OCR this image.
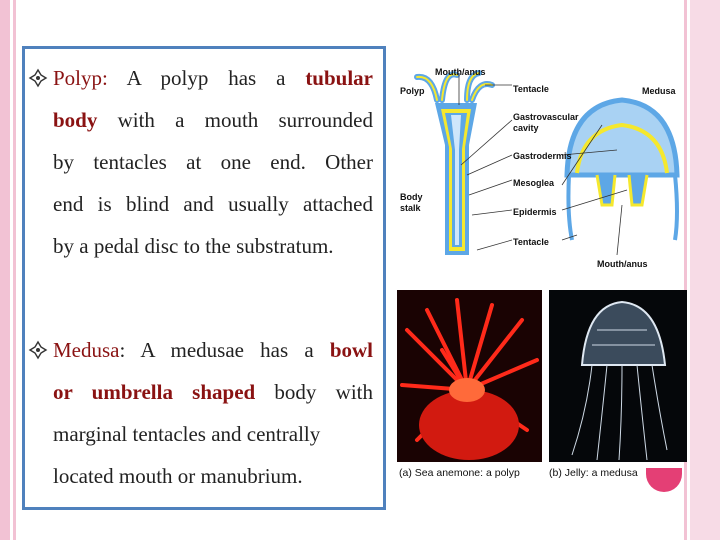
Polyp: A polyp has a tubular
body with a mouth surrounded
by tentacles at one end. Other
end is blind and usually attached
by a pedal disc to the substratum.
Medusa: A medusae has a bowl
or umbrella shaped body with
marginal tentacles and centrally
located mouth or manubrium.
Polyp	Medusa
Mouth/anus
Tentacle
Gastrovascular
cavity
Gastrodermis
Mesoglea
Epidermis
Body
stalk
Tentacle
Mouth/anus
(a) Sea anemone: a polyp	(b) Jelly: a medusa
